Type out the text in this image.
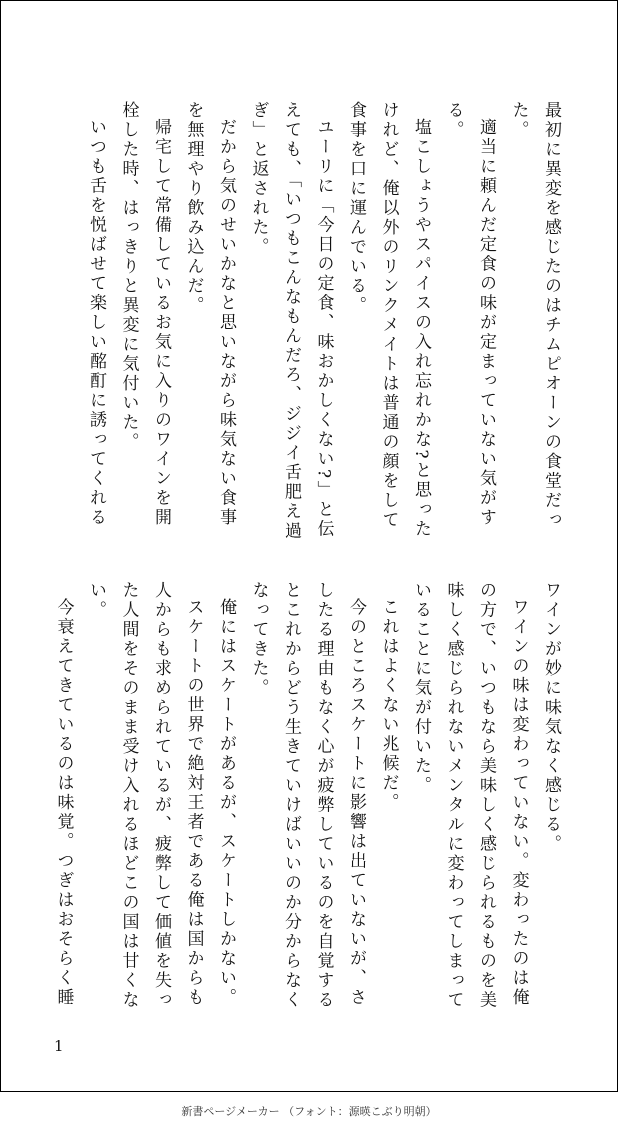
最初に異変を感じたのはチムピオーンの食堂だった。

適当に頼んだ定食の味が定まっていない気がする。

塩こしょうやスパイスの入れ忘れかな?と思ったけれど、俺以外のリンクメイトは普通の顔をして食事を口に運んでいる。

ユーリに「今日の定食、味おかしくない?」と伝えても、「いつもこんなもんだろ、ジジイ舌肥え過ぎ」と返された。

だから気のせいかなと思いながら味気ない食事を無理やり飲み込んだ。

帰宅して常備しているお気に入りのワインを開栓した時、はっきりと異変に気付いた。

いつも舌を悦ばせて楽しい酩酊に誘ってくれる

ワインが妙に味気なく感じる。

ワインの味は変わっていない。変わったのは俺の方で、いつもなら美味しく感じられるものを美味しく感じられないメンタルに変わってしまっていることに気が付いた。

これはよくない兆候だ。

今のところスケートに影響は出ていないが、さしたる理由もなく心が疲弊しているのを自覚するとこれからどう生きていけばいいのか分からなくなってきた。

俺にはスケートがあるが、スケートしかない。

スケートの世界で絶対王者である俺は国からも人からも求められているが、疲弊して価値を失った人間をそのまま受け入れるほどこの国は甘くない。

今衰えてきているのは味覚。つぎはおそらく睡

1
新書ページメーカー （フォント：源暎こぶり明朝）
